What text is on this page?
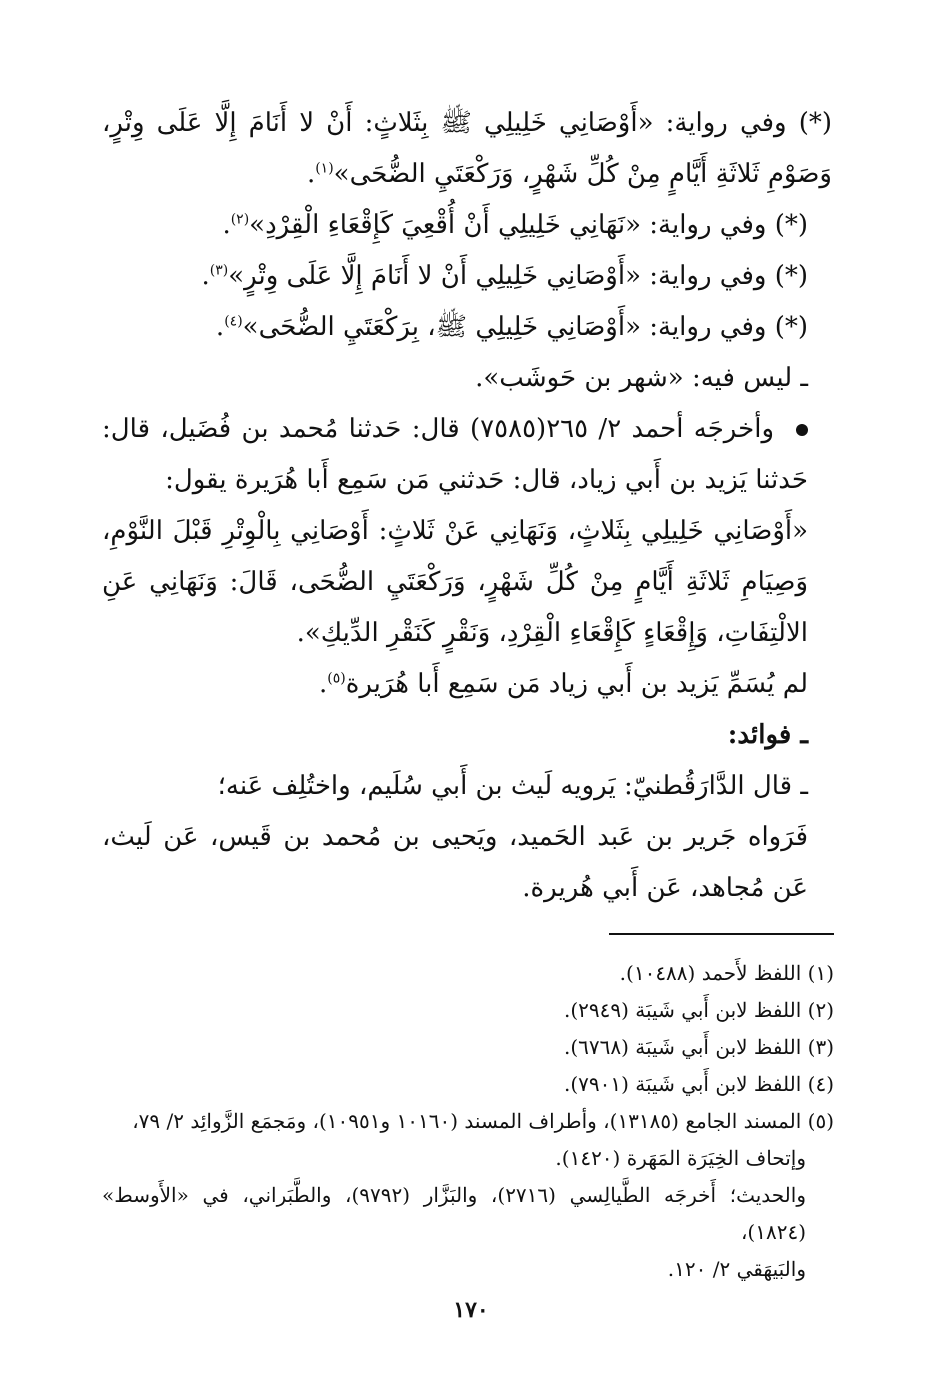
(*) وفي رواية: «أَوْصَانِي خَلِيلِي ﷺ بِثَلاثٍ: أَنْ لا أَنَامَ إِلَّا عَلَى وِتْرٍ، وَصَوْمِ ثَلاثَةِ أَيَّامٍ مِنْ كُلِّ شَهْرٍ، وَرَكْعَتَيِ الضُّحَى»$^{(١)}$.

(*) وفي رواية: «نَهَانِي خَلِيلِي أَنْ أُقْعِيَ كَإِقْعَاءِ الْقِرْدِ»$^{(٢)}$.

(*) وفي رواية: «أَوْصَانِي خَلِيلِي أَنْ لا أَنَامَ إِلَّا عَلَى وِتْرٍ»$^{(٣)}$.

(*) وفي رواية: «أَوْصَانِي خَلِيلِي ﷺ، بِرَكْعَتَيِ الضُّحَى»$^{(٤)}$.

ـ ليس فيه: «شهر بن حَوشَب».

وأخرجَه أحمد ٢/ ٢٦٥(٧٥٨٥) قال: حَدثنا مُحمد بن فُضَيل، قال: حَدثنا يَزيد بن أَبي زياد، قال: حَدثني مَن سَمِع أَبا هُرَيرة يقول:

«أَوْصَانِي خَلِيلِي بِثَلاثٍ، وَنَهَانِي عَنْ ثَلاثٍ: أَوْصَانِي بِالْوِتْرِ قَبْلَ النَّوْمِ، وَصِيَامِ ثَلاثَةِ أَيَّامٍ مِنْ كُلِّ شَهْرٍ، وَرَكْعَتَيِ الضُّحَى، قَالَ: وَنَهَانِي عَنِ الالْتِفَاتِ، وَإِقْعَاءٍ كَإِقْعَاءِ الْقِرْدِ، وَنَقْرٍ كَنَقْرِ الدِّيكِ».

لم يُسَمِّ يَزيد بن أَبي زياد مَن سَمِع أَبا هُرَيرة$^{(٥)}$.

ـ فوائد:

ـ قال الدَّارَقُطنيّ: يَرويه لَيث بن أَبي سُلَيم، واختُلِف عَنه؛

فَرَواه جَرير بن عَبد الحَميد، ويَحيى بن مُحمد بن قَيس، عَن لَيث، عَن مُجاهد، عَن أَبي هُريرة.

(١) اللفظ لأَحمد (١٠٤٨٨).

(٢) اللفظ لابن أَبي شَيبَة (٢٩٤٩).

(٣) اللفظ لابن أَبي شَيبَة (٦٧٦٨).

(٤) اللفظ لابن أَبي شَيبَة (٧٩٠١).

(٥) المسند الجامع (١٣١٨٥)، وأطراف المسند (١٠١٦٠ و١٠٩٥١)، ومَجمَع الزَّوائِد ٢/ ٧٩،

وإتحاف الخِيَرَة المَهَرة (١٤٢٠).

والحديث؛ أَخرجَه الطَّيالِسي (٢٧١٦)، والبَزَّار (٩٧٩٢)، والطَّبَراني، في «الأَوسط» (١٨٢٤)،

والبَيهَقي ٢/ ١٢٠.

١٧٠
